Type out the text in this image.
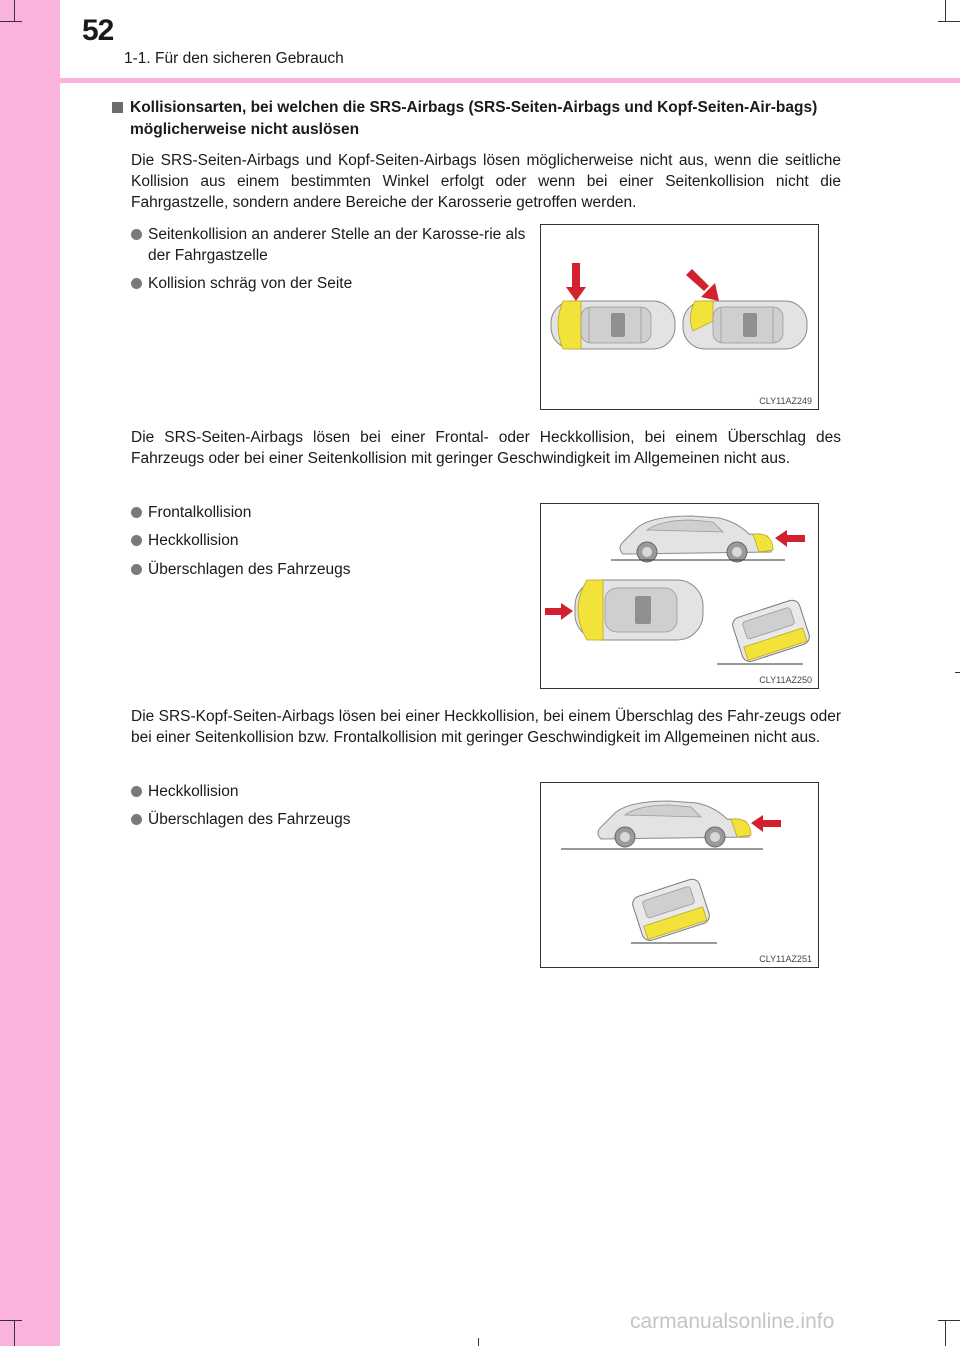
52
1-1. Für den sicheren Gebrauch
Kollisionsarten, bei welchen die SRS-Airbags (SRS-Seiten-Airbags und Kopf-Seiten-Air-bags) möglicherweise nicht auslösen
Die SRS-Seiten-Airbags und Kopf-Seiten-Airbags lösen möglicherweise nicht aus, wenn die seitliche Kollision aus einem bestimmten Winkel erfolgt oder wenn bei einer Seitenkollision nicht die Fahrgastzelle, sondern andere Bereiche der Karosserie getroffen werden.
Seitenkollision an anderer Stelle an der Karosse-rie als der Fahrgastzelle
Kollision schräg von der Seite
CLY11AZ249
Die SRS-Seiten-Airbags lösen bei einer Frontal- oder Heckkollision, bei einem Überschlag des Fahrzeugs oder bei einer Seitenkollision mit geringer Geschwindigkeit im Allgemeinen nicht aus.
Frontalkollision
Heckkollision
Überschlagen des Fahrzeugs
CLY11AZ250
Die SRS-Kopf-Seiten-Airbags lösen bei einer Heckkollision, bei einem Überschlag des Fahr-zeugs oder bei einer Seitenkollision bzw. Frontalkollision mit geringer Geschwindigkeit im Allgemeinen nicht aus.
Heckkollision
Überschlagen des Fahrzeugs
CLY11AZ251
carmanualsonline.info
